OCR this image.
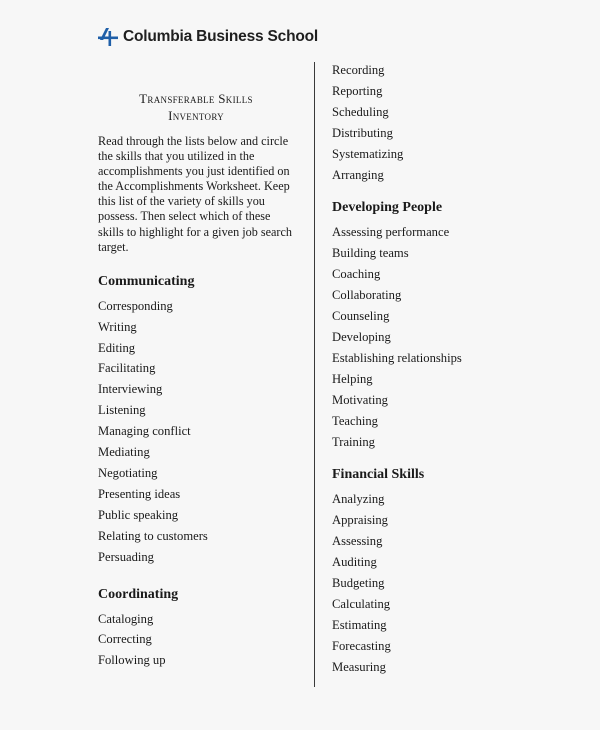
Columbia Business School
Transferable Skills
Inventory

Read through the lists below and circle the skills that you utilized in the accomplishments you just identified on the Accomplishments Worksheet. Keep this list of the variety of skills you possess. Then select which of these skills to highlight for a given job search target.

Communicating
Corresponding
Writing
Editing
Facilitating
Interviewing
Listening
Managing conflict
Mediating
Negotiating
Presenting ideas
Public speaking
Relating to customers
Persuading
Coordinating
Cataloging
Correcting
Following up
Recording
Reporting
Scheduling
Distributing
Systematizing
Arranging
Developing People
Assessing performance
Building teams
Coaching
Collaborating
Counseling
Developing
Establishing relationships
Helping
Motivating
Teaching
Training
Financial Skills
Analyzing
Appraising
Assessing
Auditing
Budgeting
Calculating
Estimating
Forecasting
Measuring
